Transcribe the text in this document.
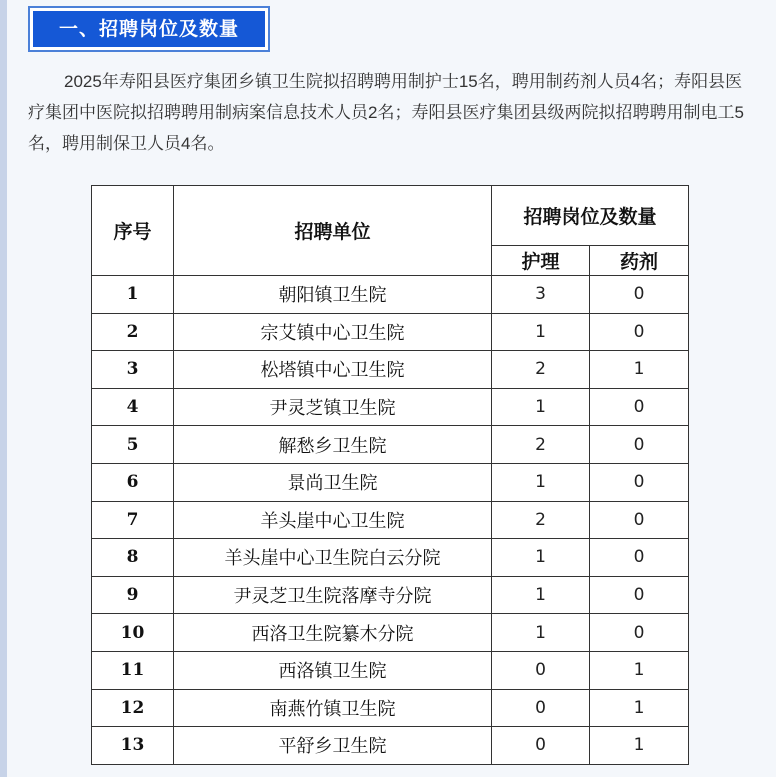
一、招聘岗位及数量

2025年寿阳县医疗集团乡镇卫生院拟招聘聘用制护士15名，聘用制药剂人员4名；寿阳县医疗集团中医院拟招聘聘用制病案信息技术人员2名；寿阳县医疗集团县级两院拟招聘聘用制电工5名，聘用制保卫人员4名。

序号	招聘单位	招聘岗位及数量	
		护理	药剂
1	朝阳镇卫生院	3	0
2	宗艾镇中心卫生院	1	0
3	松塔镇中心卫生院	2	1
4	尹灵芝镇卫生院	1	0
5	解愁乡卫生院	2	0
6	景尚卫生院	1	0
7	羊头崖中心卫生院	2	0
8	羊头崖中心卫生院白云分院	1	0
9	尹灵芝卫生院落摩寺分院	1	0
10	西洛卫生院纂木分院	1	0
11	西洛镇卫生院	0	1
12	南燕竹镇卫生院	0	1
13	平舒乡卫生院	0	1
